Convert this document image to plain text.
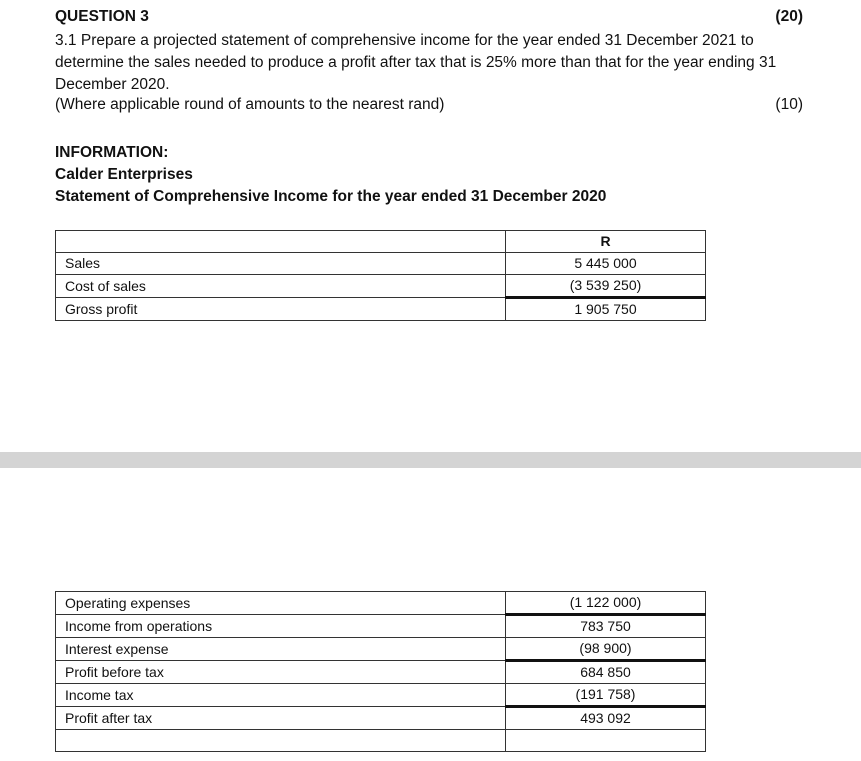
QUESTION 3	(20)
3.1 Prepare a projected statement of comprehensive income for the year ended 31 December 2021 to determine the sales needed to produce a profit after tax that is 25% more than that for the year ending 31 December 2020.
(Where applicable round of amounts to the nearest rand)	(10)
INFORMATION:
Calder Enterprises
Statement of Comprehensive Income for the year ended 31 December 2020
	R
Sales	5 445 000
Cost of sales	(3 539 250)
Gross profit	1 905 750
Operating expenses	(1 122 000)
Income from operations	783 750
Interest expense	(98 900)
Profit before tax	684 850
Income tax	(191 758)
Profit after tax	493 092
